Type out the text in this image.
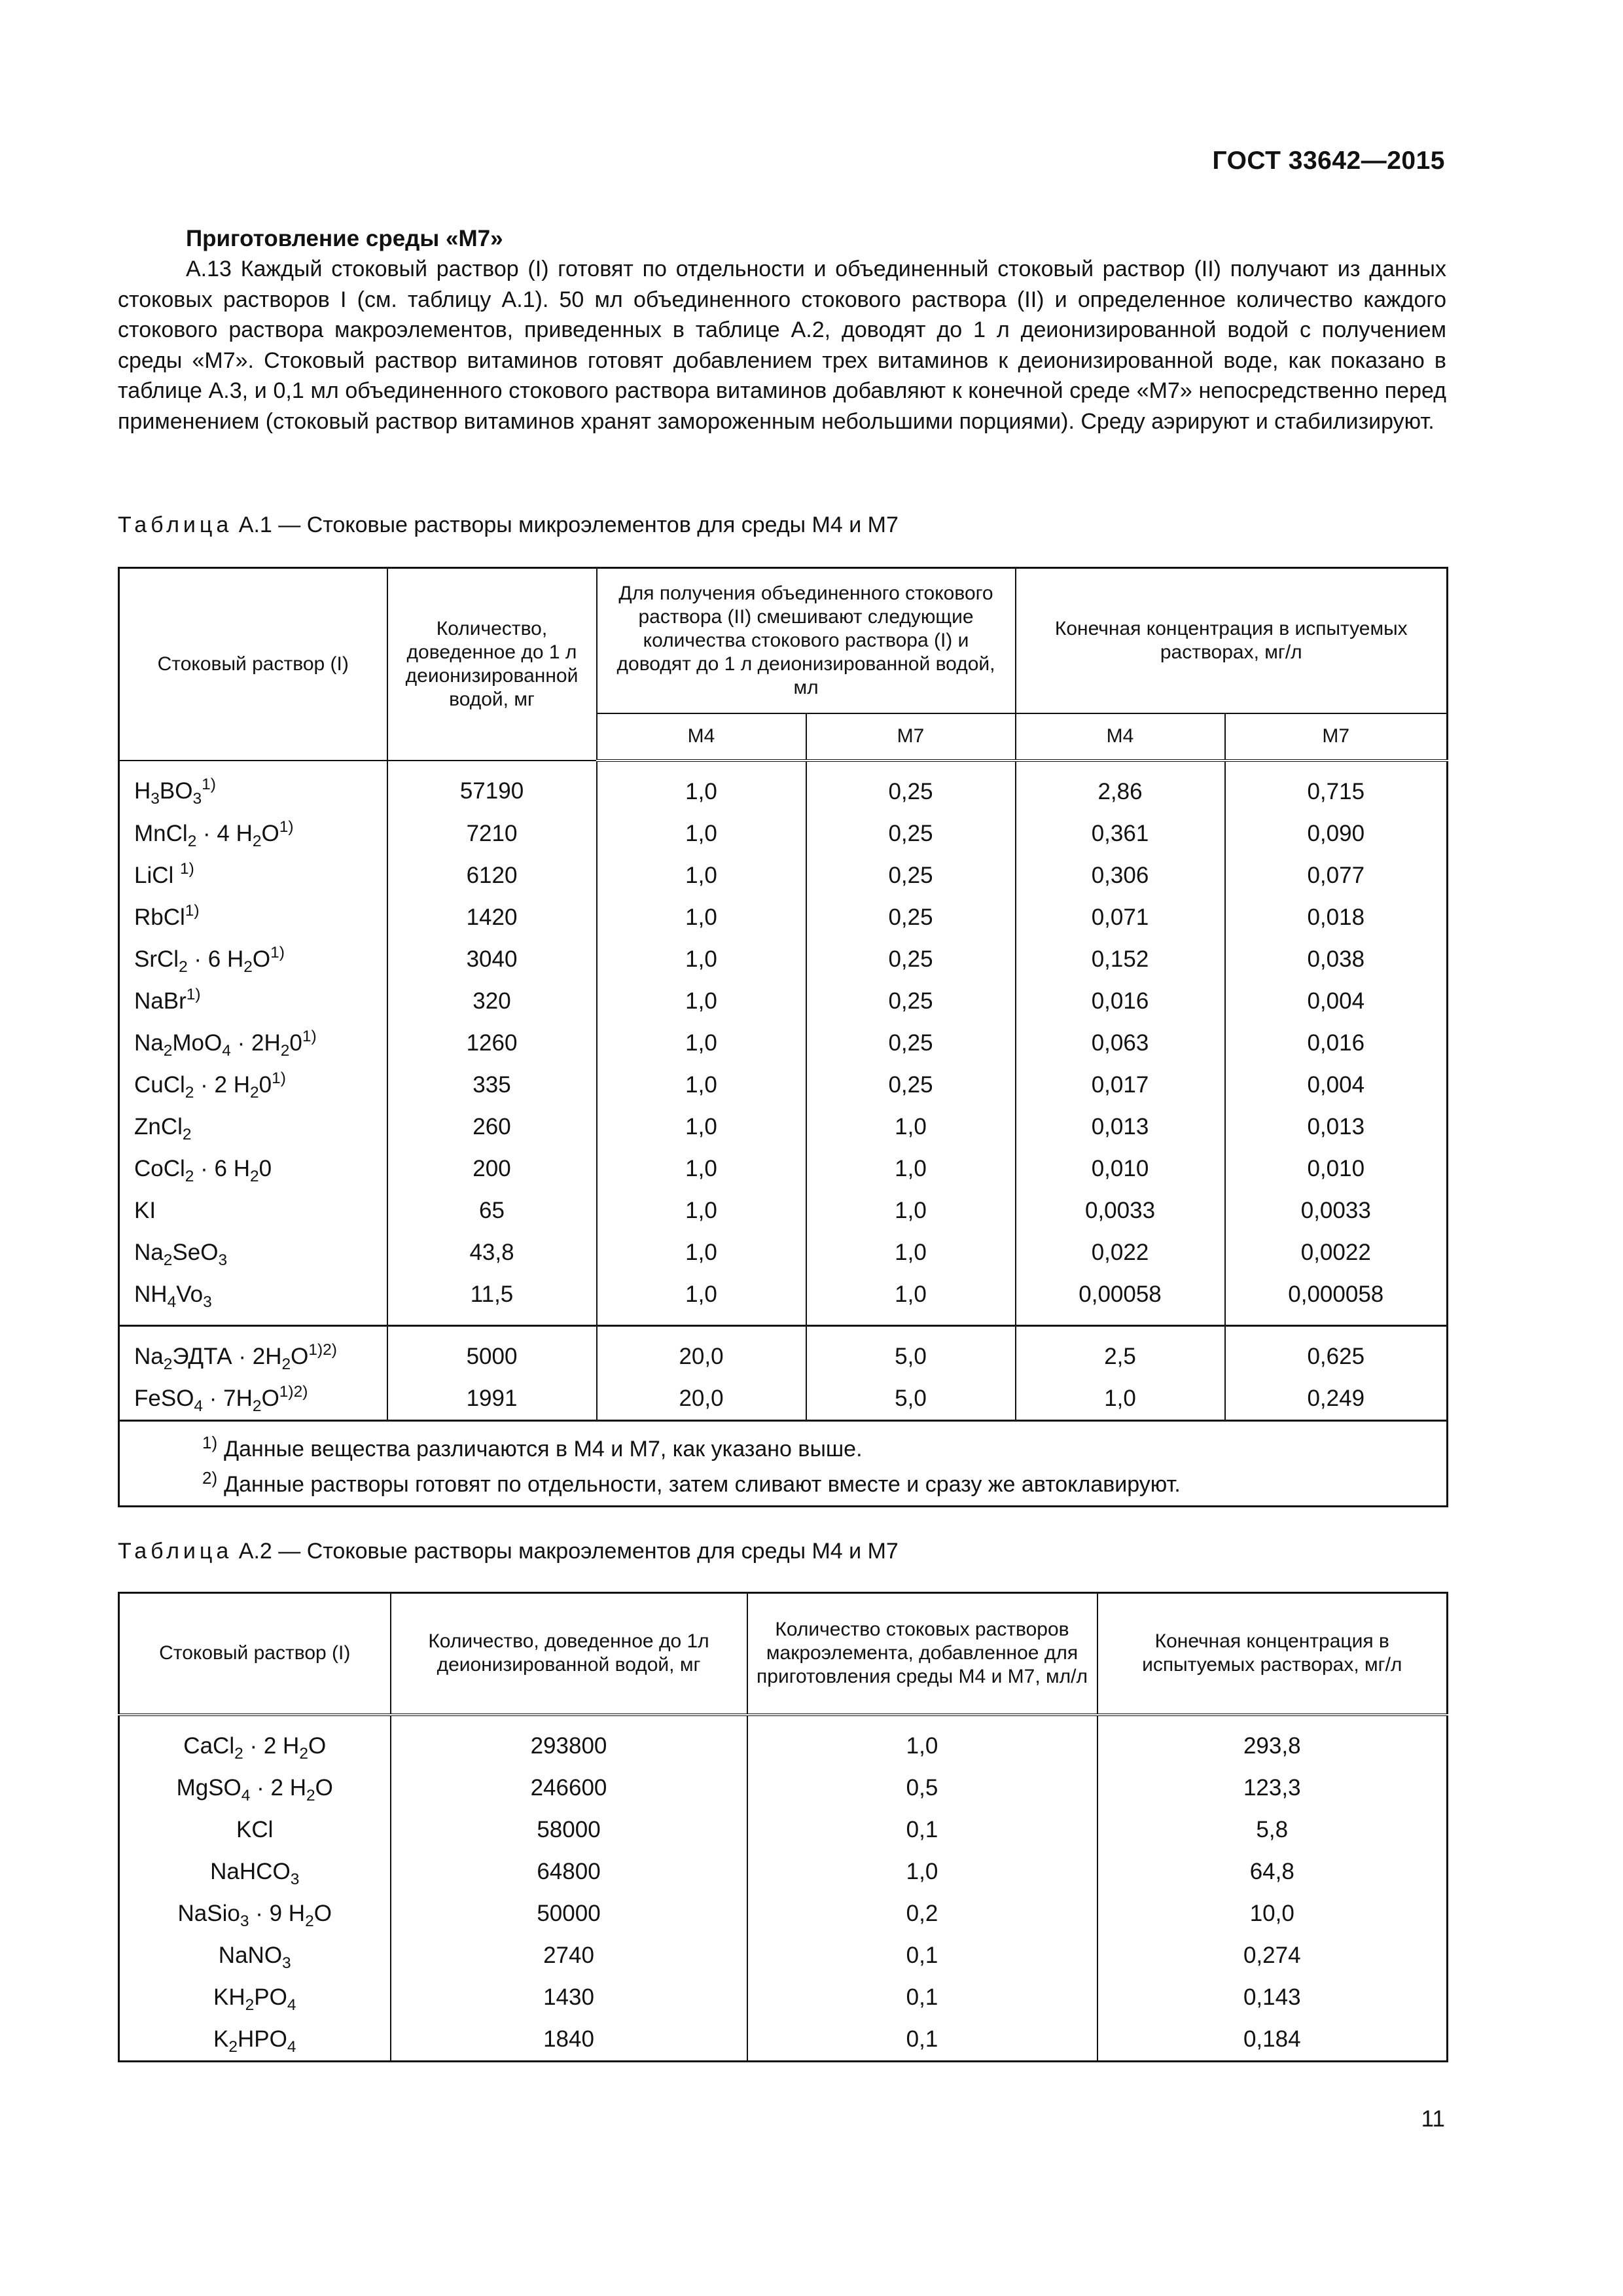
ГОСТ 33642—2015
Приготовление среды «М7»

А.13 Каждый стоковый раствор (I) готовят по отдельности и объединенный стоковый раствор (II) получают из данных стоковых растворов I (см. таблицу А.1). 50 мл объединенного стокового раствора (II) и определенное количество каждого стокового раствора макроэлементов, приведенных в таблице А.2, доводят до 1 л деионизированной водой с получением среды «М7». Стоковый раствор витаминов готовят добавлением трех витаминов к деионизированной воде, как показано в таблице А.3, и 0,1 мл объединенного стокового раствора витаминов добавляют к конечной среде «М7» непосредственно перед применением (стоковый раствор витаминов хранят замороженным небольшими порциями). Среду аэрируют и стабилизируют.

Таблица А.1 — Стоковые растворы микроэлементов для среды М4 и М7
Стоковый раствор (I)	Количество, доведенное до 1 л деионизированной водой, мг	Для получения объединенного стокового раствора (II) смешивают следующие количества стокового раствора (I) и доводят до 1 л деионизированной водой, мл		Конечная концентрация в испытуемых растворах, мг/л	
		М4	М7	М4	М7
$H_3BO_3^{1)}$	57190	1,0	0,25	2,86	0,715
MnCl$_2$ · 4 $H_2O^{1)}$	7210	1,0	0,25	0,361	0,090
LiCl $^{1)}$	6120	1,0	0,25	0,306	0,077
RbCl$^{1)}$	1420	1,0	0,25	0,071	0,018
SrCl$_2$ · 6 $H_2O^{1)}$	3040	1,0	0,25	0,152	0,038
NaBr$^{1)}$	320	1,0	0,25	0,016	0,004
$Na_2MoO_4 \cdot 2H_20^{1)}$	1260	1,0	0,25	0,063	0,016
CuCl$_2$ · 2 $H_20^{1)}$	335	1,0	0,25	0,017	0,004
ZnCl$_2$	260	1,0	1,0	0,013	0,013
CoCl$_2$ · 6 $H_20$	200	1,0	1,0	0,010	0,010
KI	65	1,0	1,0	0,0033	0,0033
$Na_2SeO_3$	43,8	1,0	1,0	0,022	0,0022
$NH_4Vo_3$	11,5	1,0	1,0	0,00058	0,000058
$Na_2ЭДТА \cdot 2H_2O^{1)2)}$	5000	20,0	5,0	2,5	0,625
FeSO$_4$ · $7H_2O^{1)2)}$	1991	20,0	5,0	1,0	0,249

$^{1)}$ Данные вещества различаются в М4 и М7, как указано выше.
$^{2)}$ Данные растворы готовят по отдельности, затем сливают вместе и сразу же автоклавируют.					
Таблица А.2 — Стоковые растворы макроэлементов для среды М4 и М7
Стоковый раствор (I)	Количество, доведенное до 1л деионизированной водой, мг	Количество стоковых растворов макроэлемента, добавленное для приготовления среды М4 и М7, мл/л	Конечная концентрация в испытуемых растворах, мг/л
CaCl$_2$ · 2 $H_2O$	293800	1,0	293,8
MgSO$_4$ · 2 $H_2O$	246600	0,5	123,3
KCl	58000	0,1	5,8
NaHCO$_3$	64800	1,0	64,8
NaSio$_3$ · 9 $H_2O$	50000	0,2	10,0
NaNO$_3$	2740	0,1	0,274
$KH_2PO_4$	1430	0,1	0,143
$K_2HPO_4$	1840	0,1	0,184
11
